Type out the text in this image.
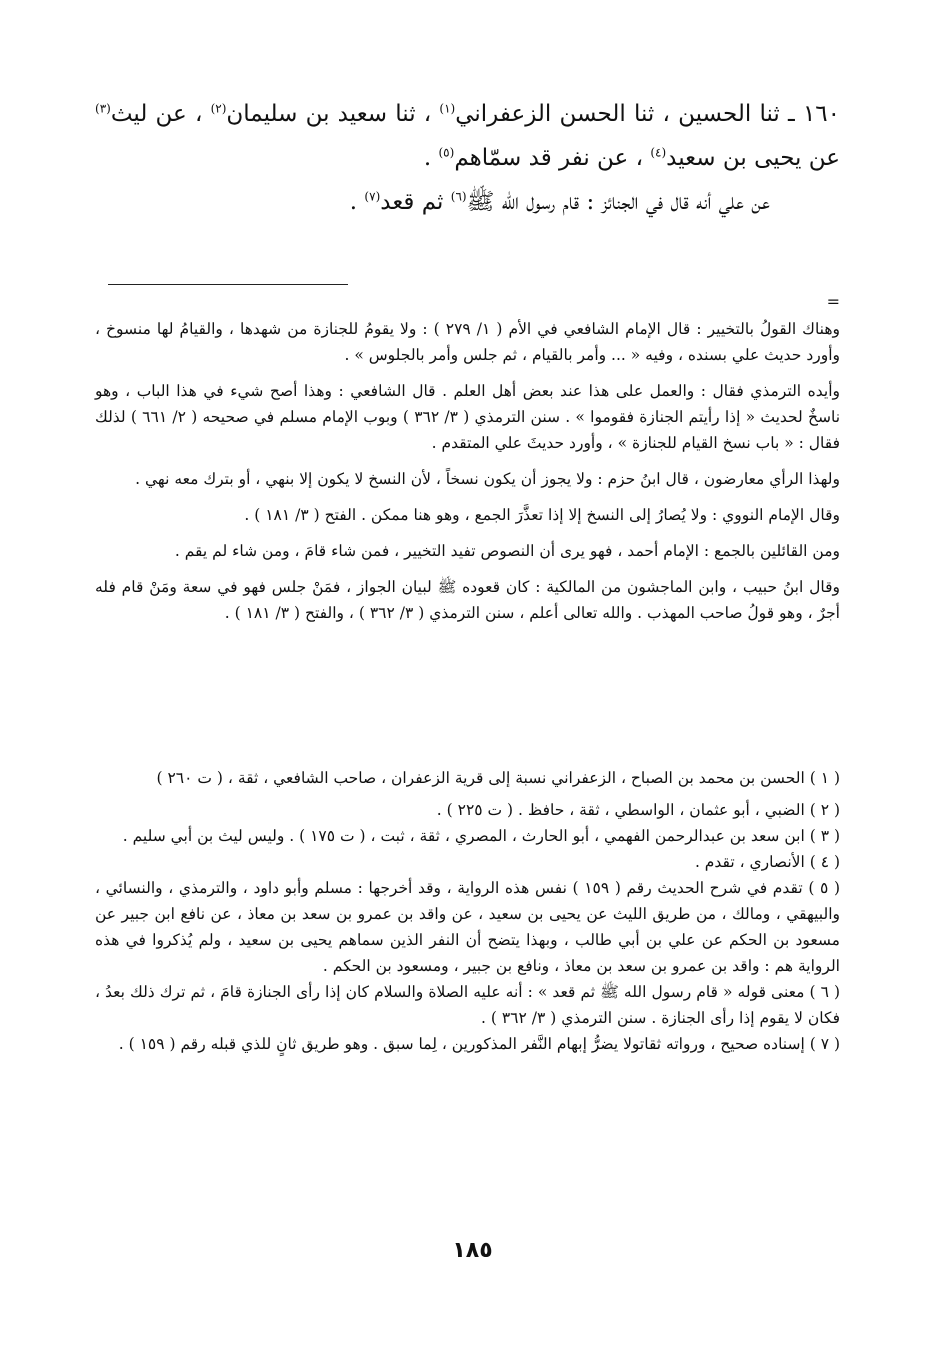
١٦٠ ـ ثنا الحسين ، ثنا الحسن الزعفراني$^{(١)}$ ، ثنا سعيد بن سليمان$^{(٢)}$ ، عن ليث$^{(٣)}$ عن يحيى بن سعيد$^{(٤)}$ ، عن نفر قد سمّاهم$^{(٥)}$ .

عن علي أنه قال في الجنائز : قام رسول الله ﷺ$^{(٦)}$ ثم قعد$^{(٧)}$ .

=

وهناك القولُ بالتخيير : قال الإمام الشافعي في الأم ( ١/ ٢٧٩ ) : ولا يقومُ للجنازة من شهدها ، والقيامُ لها منسوخ ، وأورد حديث علي بسنده ، وفيه « ... وأمر بالقيام ، ثم جلس وأمر بالجلوس » .

وأيده الترمذي فقال : والعمل على هذا عند بعض أهل العلم . قال الشافعي : وهذا أصح شيء في هذا الباب ، وهو ناسخٌ لحديث « إذا رأيتم الجنازة فقوموا » . سنن الترمذي ( ٣/ ٣٦٢ ) وبوب الإمام مسلم في صحيحه ( ٢/ ٦٦١ ) لذلك فقال : « باب نسخ القيام للجنازة » ، وأورد حديثَ علي المتقدم .

ولهذا الرأي معارضون ، قال ابنُ حزم : ولا يجوز أن يكون نسخاً ، لأن النسخ لا يكون إلا بنهي ، أو بترك معه نهي .

وقال الإمام النووي : ولا يُصارُ إلى النسخ إلا إذا تعذَّرَ الجمع ، وهو هنا ممكن . الفتح ( ٣/ ١٨١ ) .

ومن القائلين بالجمع : الإمام أحمد ، فهو يرى أن النصوص تفيد التخيير ، فمن شاء قامَ ، ومن شاء لم يقم .

وقال ابنُ حبيب ، وابن الماجشون من المالكية : كان قعوده ﷺ لبيان الجواز ، فمَنْ جلس فهو في سعة ومَنْ قام فله أجرٌ ، وهو قولُ صاحب المهذب . والله تعالى أعلم ، سنن الترمذي ( ٣/ ٣٦٢ ) ، والفتح ( ٣/ ١٨١ ) .

( ١ ) الحسن بن محمد بن الصباح ، الزعفراني نسبة إلى قرية الزعفران ، صاحب الشافعي ، ثقة ، ( ت ٢٦٠ )

( ٢ ) الضبي ، أبو عثمان ، الواسطي ، ثقة ، حافظ . ( ت ٢٢٥ ) .

( ٣ ) ابن سعد بن عبدالرحمن الفهمي ، أبو الحارث ، المصري ، ثقة ، ثبت ، ( ت ١٧٥ ) . وليس ليث بن أبي سليم .

( ٤ ) الأنصاري ، تقدم .

( ٥ ) تقدم في شرح الحديث رقم ( ١٥٩ ) نفس هذه الرواية ، وقد أخرجها : مسلم وأبو داود ، والترمذي ، والنسائي ، والبيهقي ، ومالك ، من طريق الليث عن يحيى بن سعيد ، عن واقد بن عمرو بن سعد بن معاذ ، عن نافع ابن جبير عن مسعود بن الحكم عن علي بن أبي طالب ، وبهذا يتضح أن النفر الذين سماهم يحيى بن سعيد ، ولم يُذكروا في هذه الرواية هم : واقد بن عمرو بن سعد بن معاذ ، ونافع بن جبير ، ومسعود بن الحكم .

( ٦ ) معنى قوله « قام رسول الله ﷺ ثم قعد » : أنه عليه الصلاة والسلام كان إذا رأى الجنازة قامَ ، ثم ترك ذلك بعدُ ، فكان لا يقوم إذا رأى الجنازة . سنن الترمذي ( ٣/ ٣٦٢ ) .

( ٧ ) إسناده صحيح ، ورواته ثقاتولا يضرُّ إبهام النَّفر المذكورين ، لِما سبق . وهو طريق ثانٍ للذي قبله رقم ( ١٥٩ ) .

١٨٥
